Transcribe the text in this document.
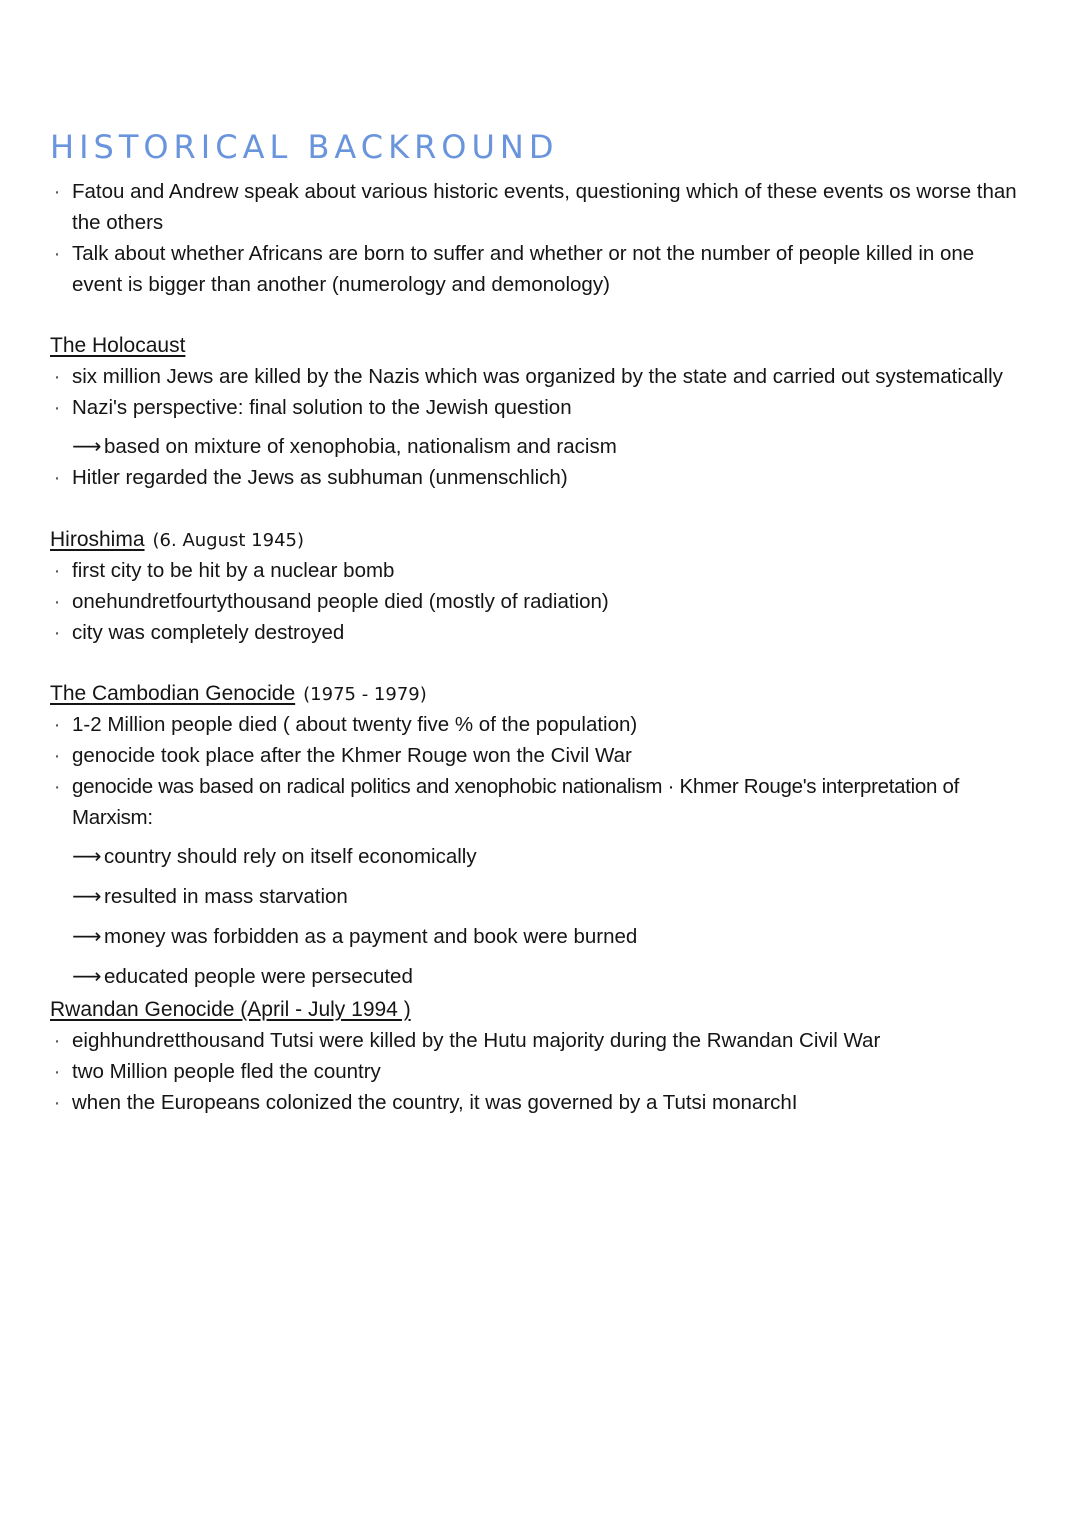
HISTORICAL BACKROUND
· Fatou and Andrew speak about various historic events, questioning which of these events os worse than the others
· Talk about whether Africans are born to suffer and whether or not the number of people killed in one event is bigger than another (numerology and demonology)
The Holocaust
· six million Jews are killed by the Nazis which was organized by the state and carried out systematically
· Nazi's perspective: final solution to the Jewish question
⟶ based on mixture of xenophobia, nationalism and racism
· Hitler regarded the Jews as subhuman (unmenschlich)
Hiroshima (6. August 1945)
· first city to be hit by a nuclear bomb
· onehundretfourtythousand people died (mostly of radiation)
· city was completely destroyed
The Cambodian Genocide (1975 - 1979)
· 1-2 Million people died ( about twenty five % of the population)
· genocide took place after the Khmer Rouge won the Civil War
· genocide was based on radical politics and xenophobic nationalism · Khmer Rouge's interpretation of Marxism:
⟶ country should rely on itself economically
⟶ resulted in mass starvation
⟶ money was forbidden as a payment and book were burned
⟶ educated people were persecuted
Rwandan Genocide (April - July 1994 )
· eighhundretthousand Tutsi were killed by the Hutu majority during the Rwandan Civil War
· two Million people fled the country
· when the Europeans colonized the country, it was governed by a Tutsi monarchI
